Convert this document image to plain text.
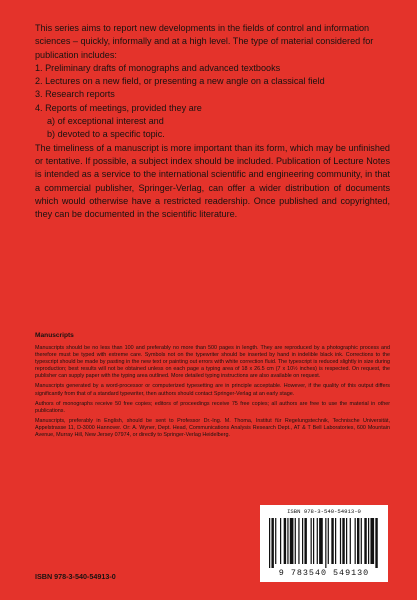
This series aims to report new developments in the fields of control and information sciences – quickly, informally and at a high level. The type of material considered for publication includes:

1. Preliminary drafts of monographs and advanced textbooks
2. Lectures on a new field, or presenting a new angle on a classical field
3. Research reports
4. Reports of meetings, provided they are
a) of exceptional interest and
b) devoted to a specific topic.

The timeliness of a manuscript is more important than its form, which may be unfinished or tentative. If possible, a subject index should be included. Publication of Lecture Notes is intended as a service to the international scientific and engineering community, in that a commercial publisher, Springer-Verlag, can offer a wider distribution of documents which would otherwise have a restricted readership. Once published and copyrighted, they can be documented in the scientific literature.

Manuscripts

Manuscripts should be no less than 100 and preferably no more than 500 pages in length. They are reproduced by a photographic process and therefore must be typed with extreme care. Symbols not on the typewriter should be inserted by hand in indelible black ink. Corrections to the typescript should be made by pasting in the new text or painting out errors with white correction fluid. The typescript is reduced slightly in size during reproduction; best results will not be obtained unless on each page a typing area of 18 x 26.5 cm (7 x 10½ inches) is respected. On request, the publisher can supply paper with the typing area outlined. More detailed typing instructions are also available on request.

Manuscripts generated by a word-processor or computerized typesetting are in principle acceptable. However, if the quality of this output differs significantly from that of a standard typewriter, then authors should contact Springer-Verlag at an early stage.

Authors of monographs receive 50 free copies; editors of proceedings receive 75 free copies; all authors are free to use the material in other publications.

Manuscripts, preferably in English, should be sent to Professor Dr.-Ing. M. Thoma, Institut für Regelungstechnik, Technische Universität, Appelstrasse 11, D-3000 Hannover. Or: A. Wyner, Dept. Head, Communications Analysis Research Dept., AT & T Bell Laboratories, 600 Mountain Avenue, Murray Hill, New Jersey 07974, or directly to Springer-Verlag Heidelberg.

ISBN 978-3-540-54913-0
ISBN 978-3-540-54913-0
9 783540 549130
